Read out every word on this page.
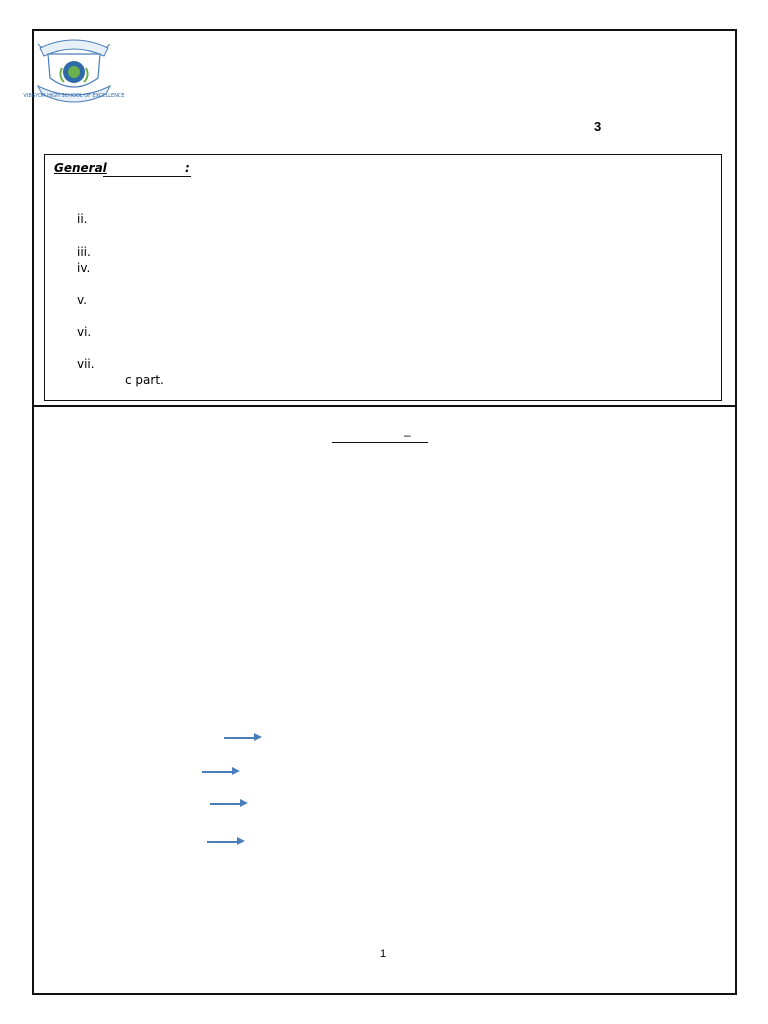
VIBGYOR HIGH SCHOOL OF EXCELLENCE
3
General	:
ii.
iii.
iv.
v.
vi.
vii.
c part.
–
1
